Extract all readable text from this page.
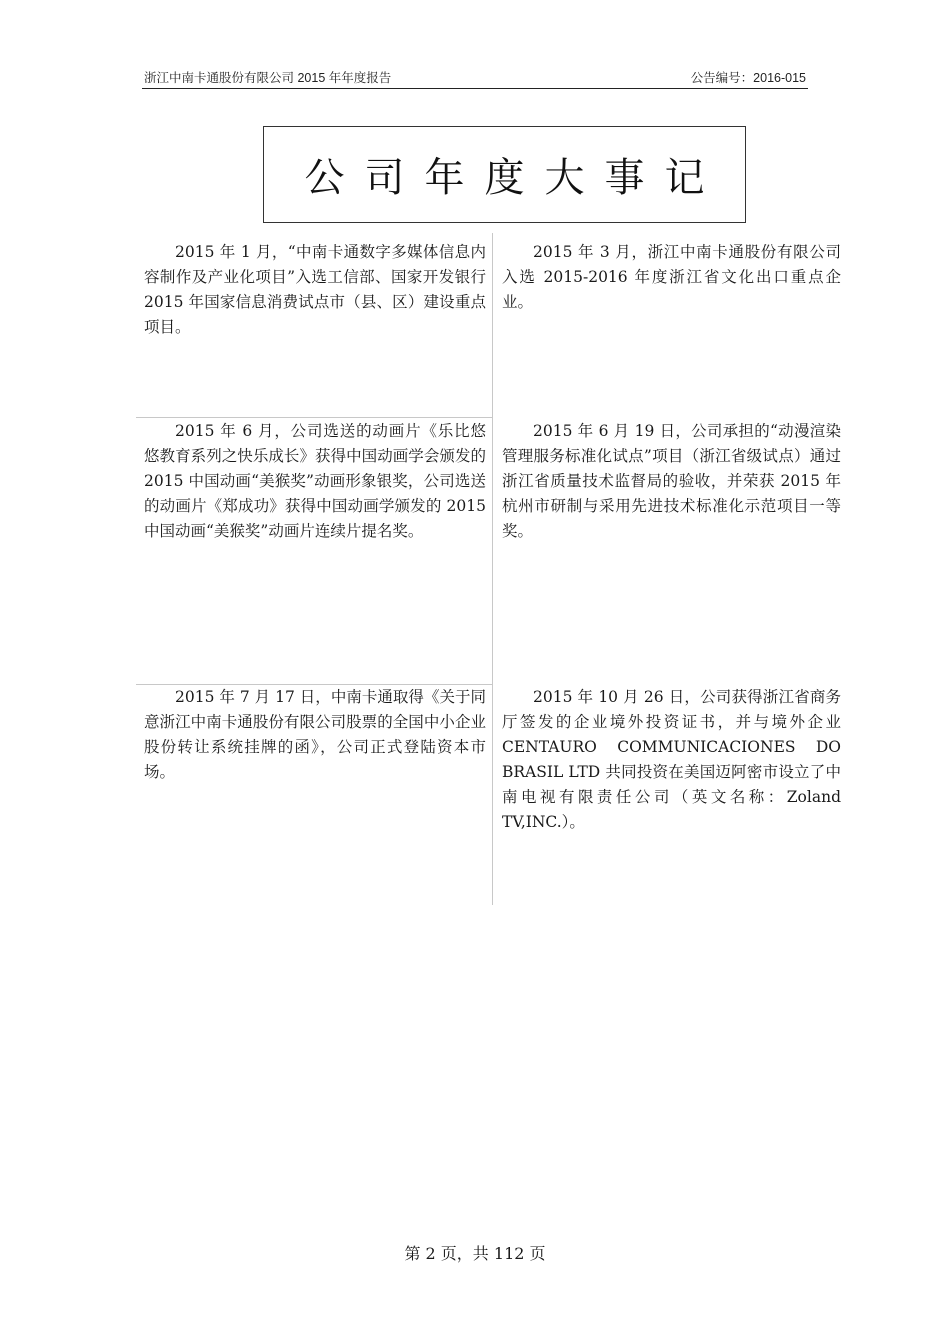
浙江中南卡通股份有限公司 2015 年年度报告	公告编号：2016-015
公司年度大事记

2015 年 1 月，“中南卡通数字多媒体信息内容制作及产业化项目”入选工信部、国家开发银行 2015 年国家信息消费试点市（县、区）建设重点项目。

2015 年 3 月，浙江中南卡通股份有限公司入选 2015-2016 年度浙江省文化出口重点企业。

2015 年 6 月，公司选送的动画片《乐比悠悠教育系列之快乐成长》获得中国动画学会颁发的 2015 中国动画“美猴奖”动画形象银奖，公司选送的动画片《郑成功》获得中国动画学颁发的 2015 中国动画“美猴奖”动画片连续片提名奖。

2015 年 6 月 19 日，公司承担的“动漫渲染管理服务标准化试点”项目（浙江省级试点）通过浙江省质量技术监督局的验收，并荣获 2015 年杭州市研制与采用先进技术标准化示范项目一等奖。

2015 年 7 月 17 日，中南卡通取得《关于同意浙江中南卡通股份有限公司股票的全国中小企业股份转让系统挂牌的函》，公司正式登陆资本市场。

2015 年 10 月 26 日，公司获得浙江省商务厅签发的企业境外投资证书，并与境外企业 CENTAURO COMMUNICACIONES DO BRASIL LTD 共同投资在美国迈阿密市设立了中南电视有限责任公司（英文名称：Zoland TV,INC.）。

第 2 页，共 112 页
